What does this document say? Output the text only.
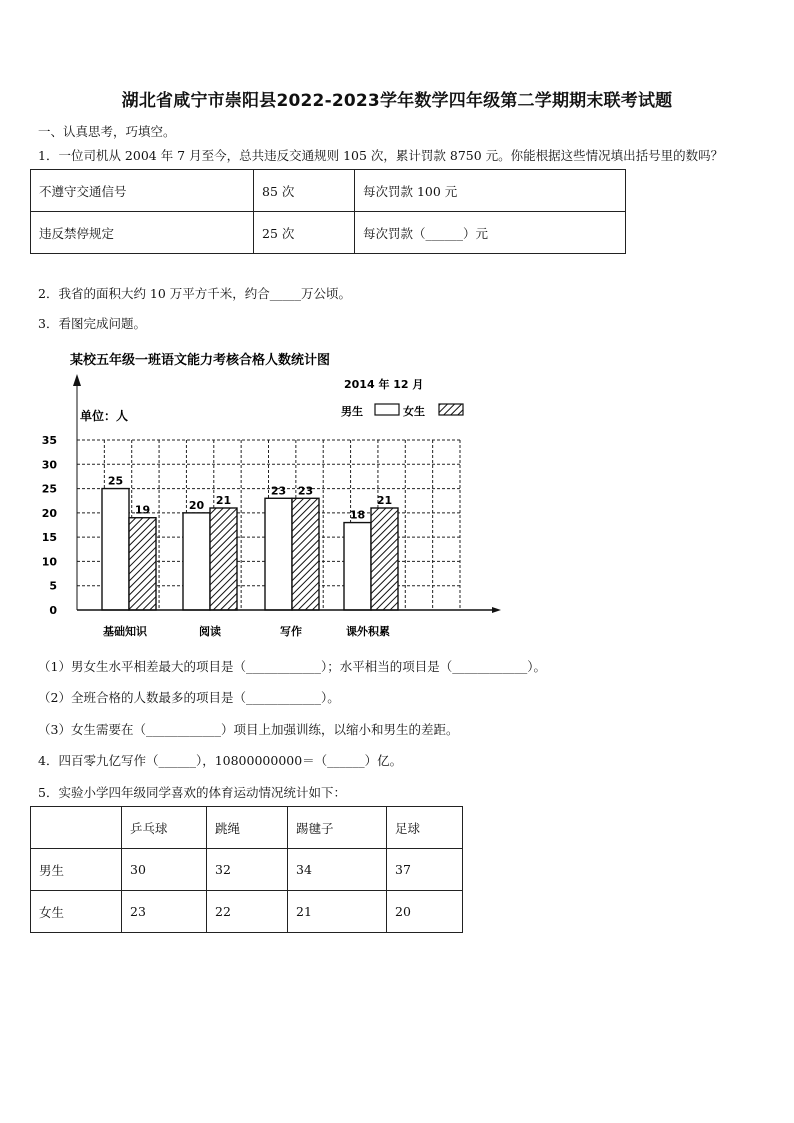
湖北省咸宁市崇阳县2022-2023学年数学四年级第二学期期末联考试题
一、认真思考，巧填空。
1．一位司机从 2004 年 7 月至今，总共违反交通规则 105 次，累计罚款 8750 元。你能根据这些情况填出括号里的数吗？
不遵守交通信号	85 次	每次罚款 100 元
违反禁停规定	25 次	每次罚款（______）元
2．我省的面积大约 10 万平方千米，约合_____万公顷。
3．看图完成问题。
某校五年级一班语文能力考核合格人数统计图
2014 年 12 月
单位：人	男生	女生
0
5
10
15
20
25
30
35
25
19	20 21
23 23
18
21
基础知识	阅读	写作	课外积累
（1）男女生水平相差最大的项目是（____________）；水平相当的项目是（____________）。
（2）全班合格的人数最多的项目是（____________）。
（3）女生需要在（____________）项目上加强训练，以缩小和男生的差距。
4．四百零九亿写作（______），10800000000＝（______）亿。
5．实验小学四年级同学喜欢的体育运动情况统计如下：
	乒乓球	跳绳	踢毽子	足球
男生	30	32	34	37
女生	23	22	21	20
